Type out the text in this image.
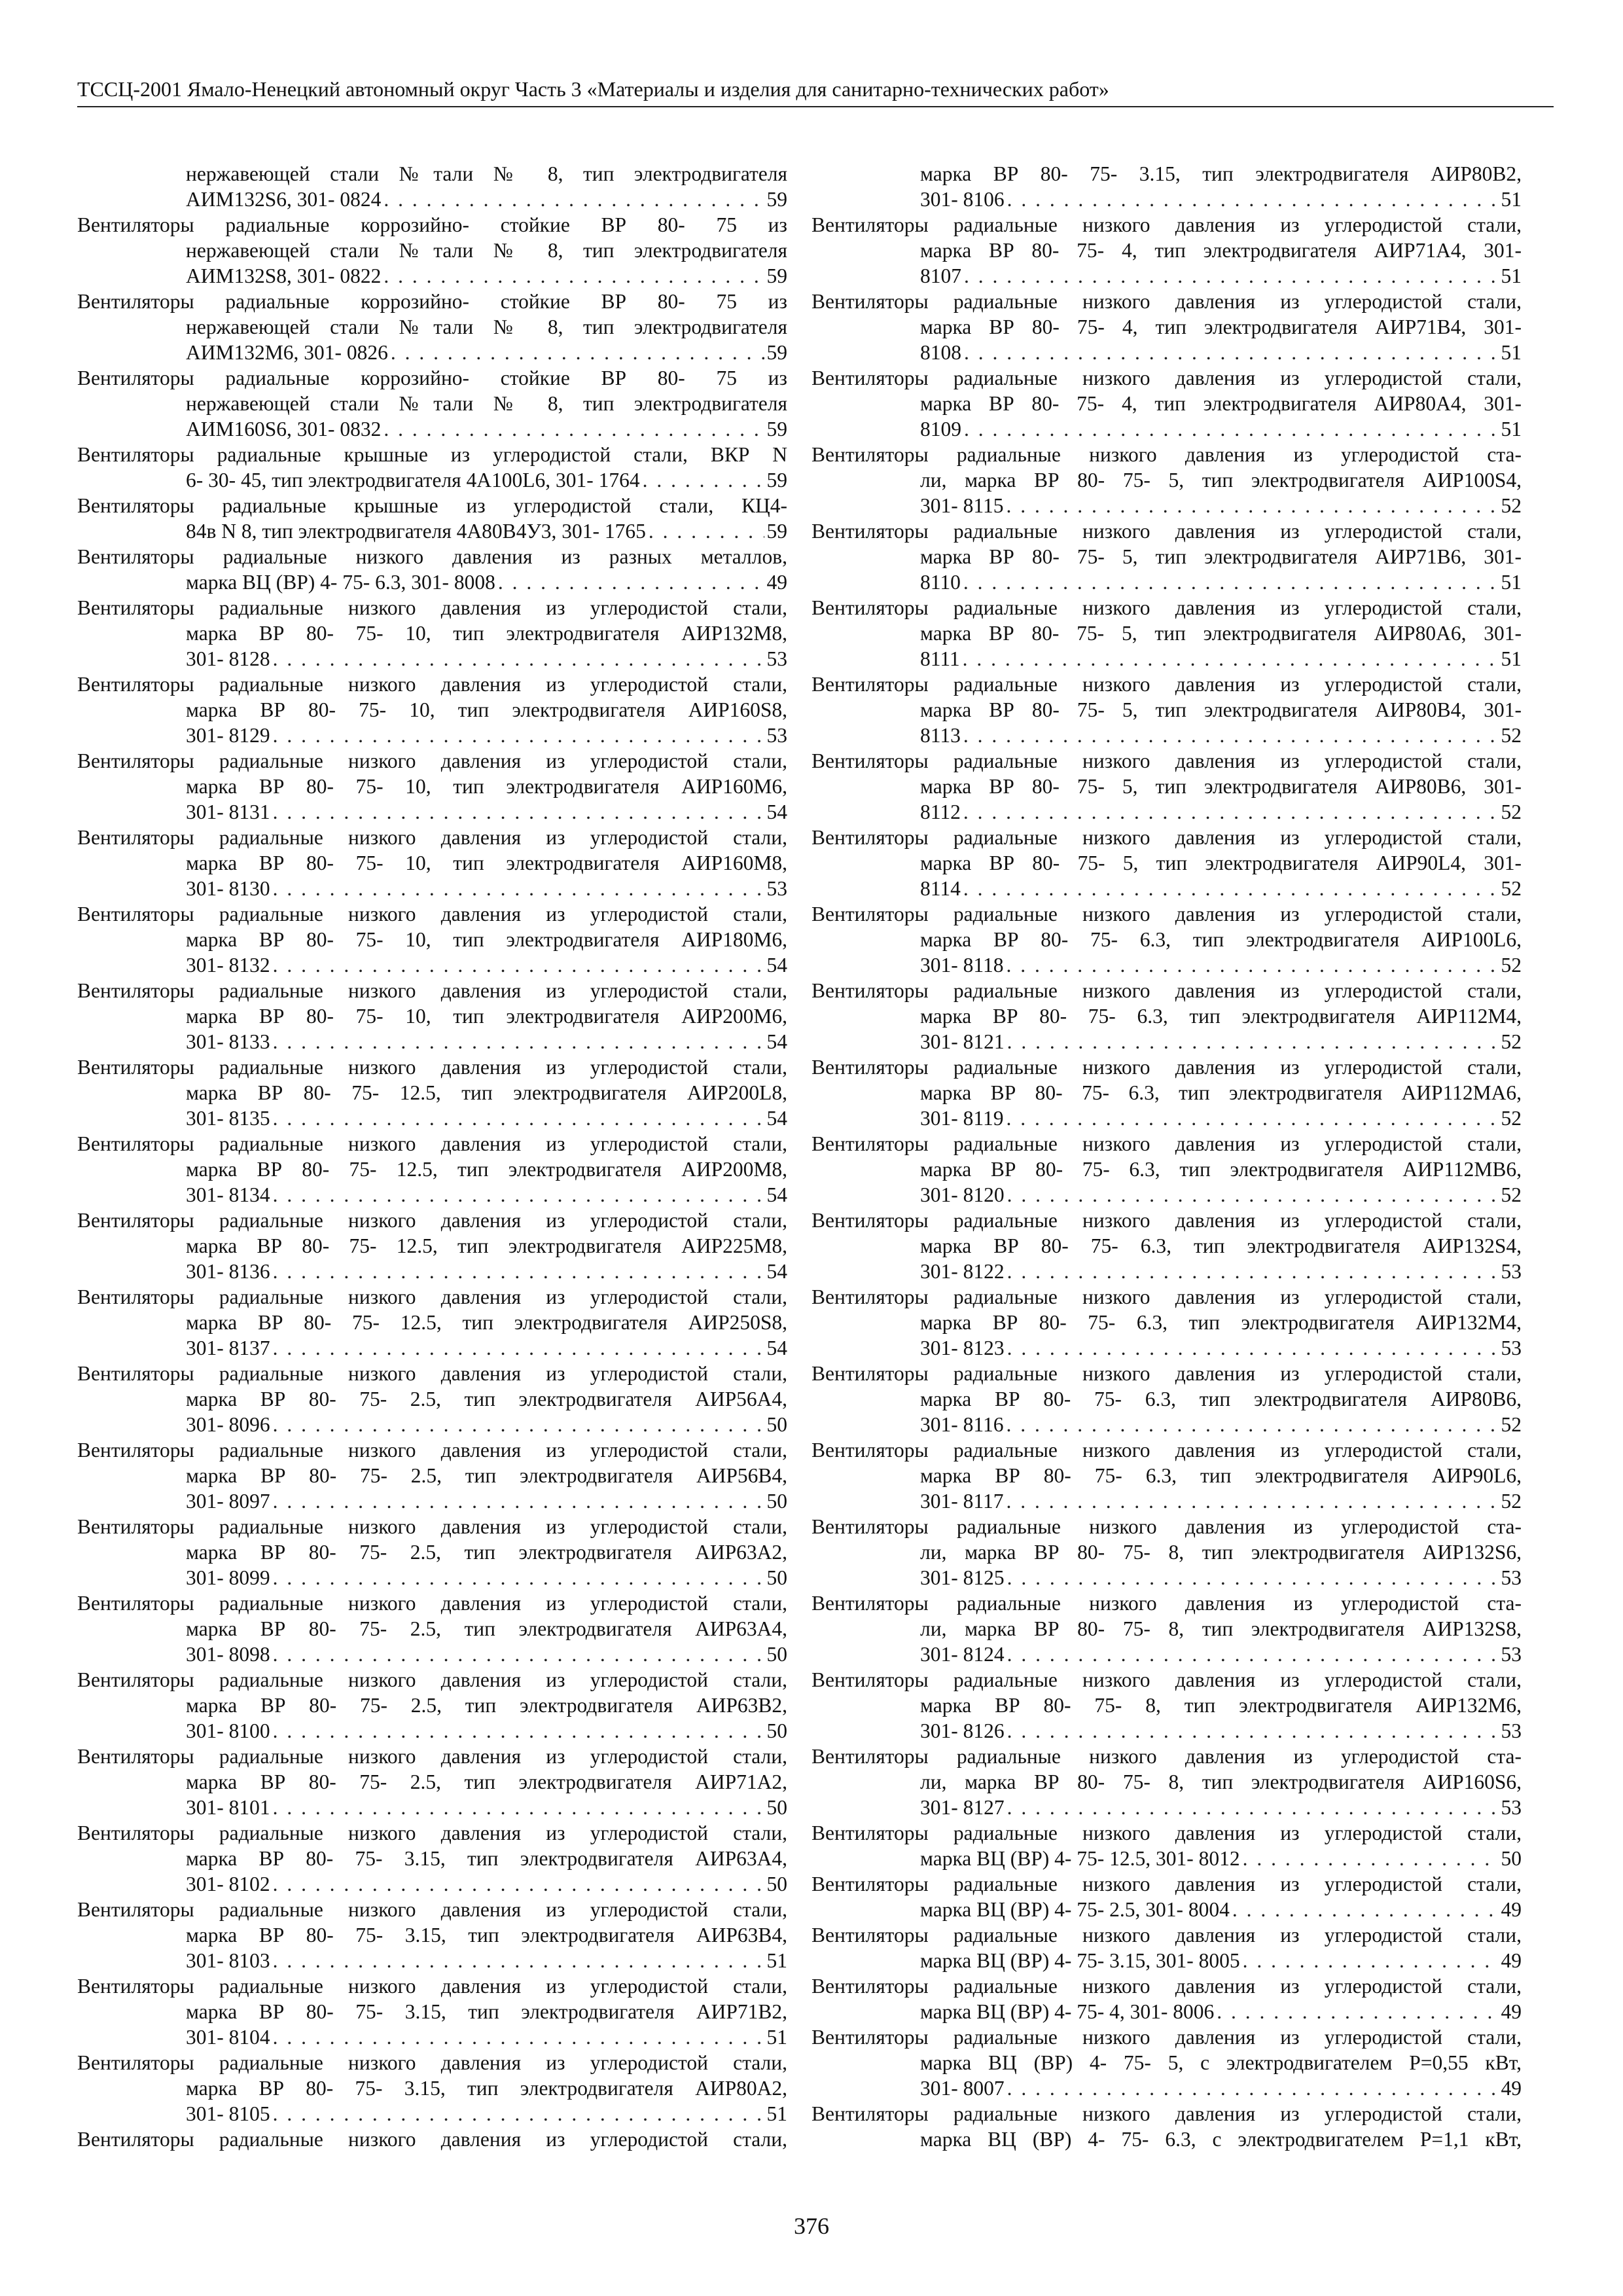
ТССЦ-2001 Ямало-Ненецкий автономный округ Часть 3 «Материалы и изделия для санитарно-технических работ»

нержавеющей стали №тали № 8, тип электродвигателя
АИМ132S6, 301- 0824 . . .	59

Вентиляторы радиальные коррозийно- стойкие ВР 80- 75 из
нержавеющей стали №тали № 8, тип электродвигателя
АИМ132S8, 301- 0822 . . .	59

Вентиляторы радиальные коррозийно- стойкие ВР 80- 75 из
нержавеющей стали №тали № 8, тип электродвигателя
АИМ132М6, 301- 0826 . . .	59

Вентиляторы радиальные коррозийно- стойкие ВР 80- 75 из
нержавеющей стали №тали № 8, тип электродвигателя
АИМ160S6, 301- 0832 . . .	59

Вентиляторы радиальные крышные из углеродистой стали, ВКР N
6- 30- 45, тип электродвигателя 4А100L6, 301- 1764 . . .	59

Вентиляторы радиальные крышные из углеродистой стали, КЦ4-
84в N 8, тип электродвигателя 4А80В4У3, 301- 1765 . . .	59

Вентиляторы радиальные низкого давления из разных металлов,
марка ВЦ (ВР) 4- 75- 6.3, 301- 8008 . . .	49

Вентиляторы радиальные низкого давления из углеродистой стали,
марка ВР 80- 75- 10, тип электродвигателя АИР132М8,
301- 8128 . . .	53

Вентиляторы радиальные низкого давления из углеродистой стали,
марка ВР 80- 75- 10, тип электродвигателя АИР160S8,
301- 8129 . . .	53

Вентиляторы радиальные низкого давления из углеродистой стали,
марка ВР 80- 75- 10, тип электродвигателя АИР160М6,
301- 8131 . . .	54

Вентиляторы радиальные низкого давления из углеродистой стали,
марка ВР 80- 75- 10, тип электродвигателя АИР160М8,
301- 8130 . . .	53

Вентиляторы радиальные низкого давления из углеродистой стали,
марка ВР 80- 75- 10, тип электродвигателя АИР180М6,
301- 8132 . . .	54

Вентиляторы радиальные низкого давления из углеродистой стали,
марка ВР 80- 75- 10, тип электродвигателя АИР200М6,
301- 8133 . . .	54

Вентиляторы радиальные низкого давления из углеродистой стали,
марка ВР 80- 75- 12.5, тип электродвигателя АИР200L8,
301- 8135 . . .	54

Вентиляторы радиальные низкого давления из углеродистой стали,
марка ВР 80- 75- 12.5, тип электродвигателя АИР200М8,
301- 8134 . . .	54

Вентиляторы радиальные низкого давления из углеродистой стали,
марка ВР 80- 75- 12.5, тип электродвигателя АИР225М8,
301- 8136 . . .	54

Вентиляторы радиальные низкого давления из углеродистой стали,
марка ВР 80- 75- 12.5, тип электродвигателя АИР250S8,
301- 8137 . . .	54

Вентиляторы радиальные низкого давления из углеродистой стали,
марка ВР 80- 75- 2.5, тип электродвигателя АИР56А4,
301- 8096 . . .	50

Вентиляторы радиальные низкого давления из углеродистой стали,
марка ВР 80- 75- 2.5, тип электродвигателя АИР56В4,
301- 8097 . . .	50

Вентиляторы радиальные низкого давления из углеродистой стали,
марка ВР 80- 75- 2.5, тип электродвигателя АИР63А2,
301- 8099 . . .	50

Вентиляторы радиальные низкого давления из углеродистой стали,
марка ВР 80- 75- 2.5, тип электродвигателя АИР63А4,
301- 8098 . . .	50

Вентиляторы радиальные низкого давления из углеродистой стали,
марка ВР 80- 75- 2.5, тип электродвигателя АИР63В2,
301- 8100 . . .	50

Вентиляторы радиальные низкого давления из углеродистой стали,
марка ВР 80- 75- 2.5, тип электродвигателя АИР71А2,
301- 8101 . . .	50

Вентиляторы радиальные низкого давления из углеродистой стали,
марка ВР 80- 75- 3.15, тип электродвигателя АИР63А4,
301- 8102 . . .	50

Вентиляторы радиальные низкого давления из углеродистой стали,
марка ВР 80- 75- 3.15, тип электродвигателя АИР63В4,
301- 8103 . . .	51

Вентиляторы радиальные низкого давления из углеродистой стали,
марка ВР 80- 75- 3.15, тип электродвигателя АИР71В2,
301- 8104 . . .	51

Вентиляторы радиальные низкого давления из углеродистой стали,
марка ВР 80- 75- 3.15, тип электродвигателя АИР80А2,
301- 8105 . . .	51

Вентиляторы радиальные низкого давления из углеродистой стали,

марка ВР 80- 75- 3.15, тип электродвигателя АИР80В2,
301- 8106 . . .	51

Вентиляторы радиальные низкого давления из углеродистой стали,
марка ВР 80- 75- 4, тип электродвигателя АИР71А4, 301-
8107 . . .	51

Вентиляторы радиальные низкого давления из углеродистой стали,
марка ВР 80- 75- 4, тип электродвигателя АИР71В4, 301-
8108 . . .	51

Вентиляторы радиальные низкого давления из углеродистой стали,
марка ВР 80- 75- 4, тип электродвигателя АИР80А4, 301-
8109 . . .	51

Вентиляторы радиальные низкого давления из углеродистой ста-
ли, марка ВР 80- 75- 5, тип электродвигателя АИР100S4,
301- 8115 . . .	52

Вентиляторы радиальные низкого давления из углеродистой стали,
марка ВР 80- 75- 5, тип электродвигателя АИР71В6, 301-
8110 . . .	51

Вентиляторы радиальные низкого давления из углеродистой стали,
марка ВР 80- 75- 5, тип электродвигателя АИР80А6, 301-
8111 . . .	51

Вентиляторы радиальные низкого давления из углеродистой стали,
марка ВР 80- 75- 5, тип электродвигателя АИР80В4, 301-
8113 . . .	52

Вентиляторы радиальные низкого давления из углеродистой стали,
марка ВР 80- 75- 5, тип электродвигателя АИР80В6, 301-
8112 . . .	52

Вентиляторы радиальные низкого давления из углеродистой стали,
марка ВР 80- 75- 5, тип электродвигателя АИР90L4, 301-
8114 . . .	52

Вентиляторы радиальные низкого давления из углеродистой стали,
марка ВР 80- 75- 6.3, тип электродвигателя АИР100L6,
301- 8118 . . .	52

Вентиляторы радиальные низкого давления из углеродистой стали,
марка ВР 80- 75- 6.3, тип электродвигателя АИР112М4,
301- 8121 . . .	52

Вентиляторы радиальные низкого давления из углеродистой стали,
марка ВР 80- 75- 6.3, тип электродвигателя АИР112МА6,
301- 8119 . . .	52

Вентиляторы радиальные низкого давления из углеродистой стали,
марка ВР 80- 75- 6.3, тип электродвигателя АИР112МВ6,
301- 8120 . . .	52

Вентиляторы радиальные низкого давления из углеродистой стали,
марка ВР 80- 75- 6.3, тип электродвигателя АИР132S4,
301- 8122 . . .	53

Вентиляторы радиальные низкого давления из углеродистой стали,
марка ВР 80- 75- 6.3, тип электродвигателя АИР132М4,
301- 8123 . . .	53

Вентиляторы радиальные низкого давления из углеродистой стали,
марка ВР 80- 75- 6.3, тип электродвигателя АИР80В6,
301- 8116 . . .	52

Вентиляторы радиальные низкого давления из углеродистой стали,
марка ВР 80- 75- 6.3, тип электродвигателя АИР90L6,
301- 8117 . . .	52

Вентиляторы радиальные низкого давления из углеродистой ста-
ли, марка ВР 80- 75- 8, тип электродвигателя АИР132S6,
301- 8125 . . .	53

Вентиляторы радиальные низкого давления из углеродистой ста-
ли, марка ВР 80- 75- 8, тип электродвигателя АИР132S8,
301- 8124 . . .	53

Вентиляторы радиальные низкого давления из углеродистой стали,
марка ВР 80- 75- 8, тип электродвигателя АИР132М6,
301- 8126 . . .	53

Вентиляторы радиальные низкого давления из углеродистой ста-
ли, марка ВР 80- 75- 8, тип электродвигателя АИР160S6,
301- 8127 . . .	53

Вентиляторы радиальные низкого давления из углеродистой стали,
марка ВЦ (ВР) 4- 75- 12.5, 301- 8012 . . .	50

Вентиляторы радиальные низкого давления из углеродистой стали,
марка ВЦ (ВР) 4- 75- 2.5, 301- 8004 . . .	49

Вентиляторы радиальные низкого давления из углеродистой стали,
марка ВЦ (ВР) 4- 75- 3.15, 301- 8005 . . .	49

Вентиляторы радиальные низкого давления из углеродистой стали,
марка ВЦ (ВР) 4- 75- 4, 301- 8006 . . .	49

Вентиляторы радиальные низкого давления из углеродистой стали,
марка ВЦ (ВР) 4- 75- 5, с электродвигателем Р=0,55 кВт,
301- 8007 . . .	49

Вентиляторы радиальные низкого давления из углеродистой стали,
марка ВЦ (ВР) 4- 75- 6.3, с электродвигателем Р=1,1 кВт,

376
